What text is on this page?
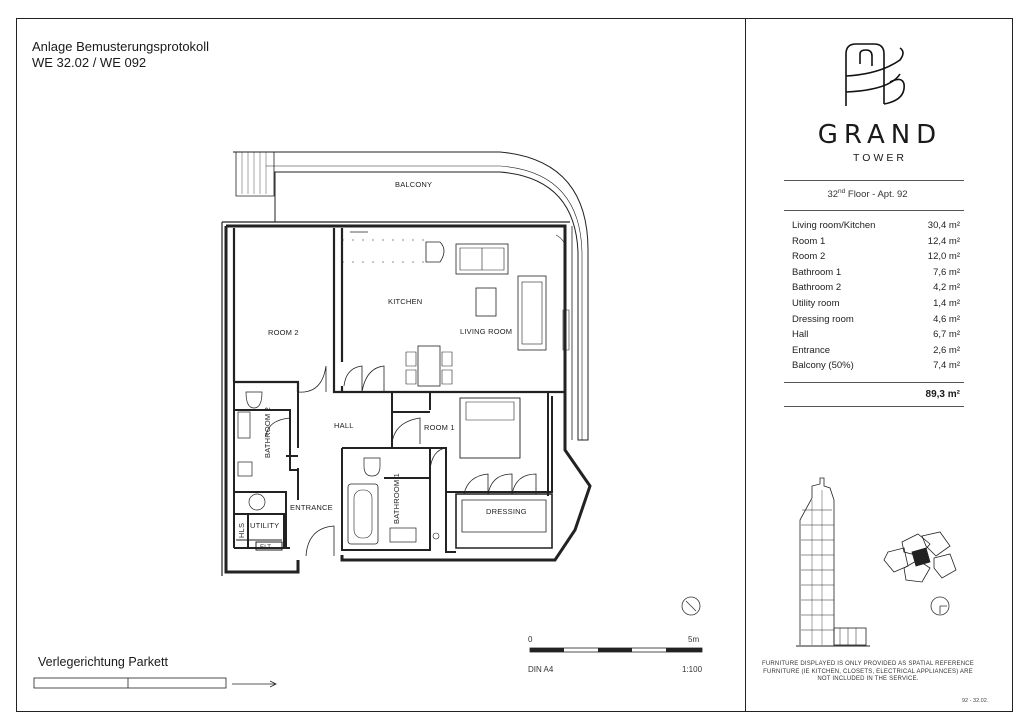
Anlage Bemusterungsprotokoll
WE 32.02 / WE 092
BALCONY
ROOM 2
KITCHEN
LIVING ROOM
HALL	ROOM 1
ENTRANCE
UTILITY
DRESSING
BATHROOM 2
BATHROOM 1
HLS
ELT
GRAND
TOWER
32nd Floor - Apt. 92
Living room/Kitchen	30,4 m²
Room 1	12,4 m²
Room 2	12,0 m²
Bathroom 1	7,6 m²
Bathroom 2	4,2 m²
Utility room	1,4 m²
Dressing room	4,6 m²
Hall	6,7 m²
Entrance	2,6 m²
Balcony (50%)	7,4 m²
89,3 m²
0	5m
DIN A4	1:100
Verlegerichtung Parkett	FURNITURE DISPLAYED IS ONLY PROVIDED AS SPATIAL REFERENCE FURNITURE (IE KITCHEN, CLOSETS, ELECTRICAL APPLIANCES) ARE NOT INCLUDED IN THE SERVICE.
92 - 32.02.
